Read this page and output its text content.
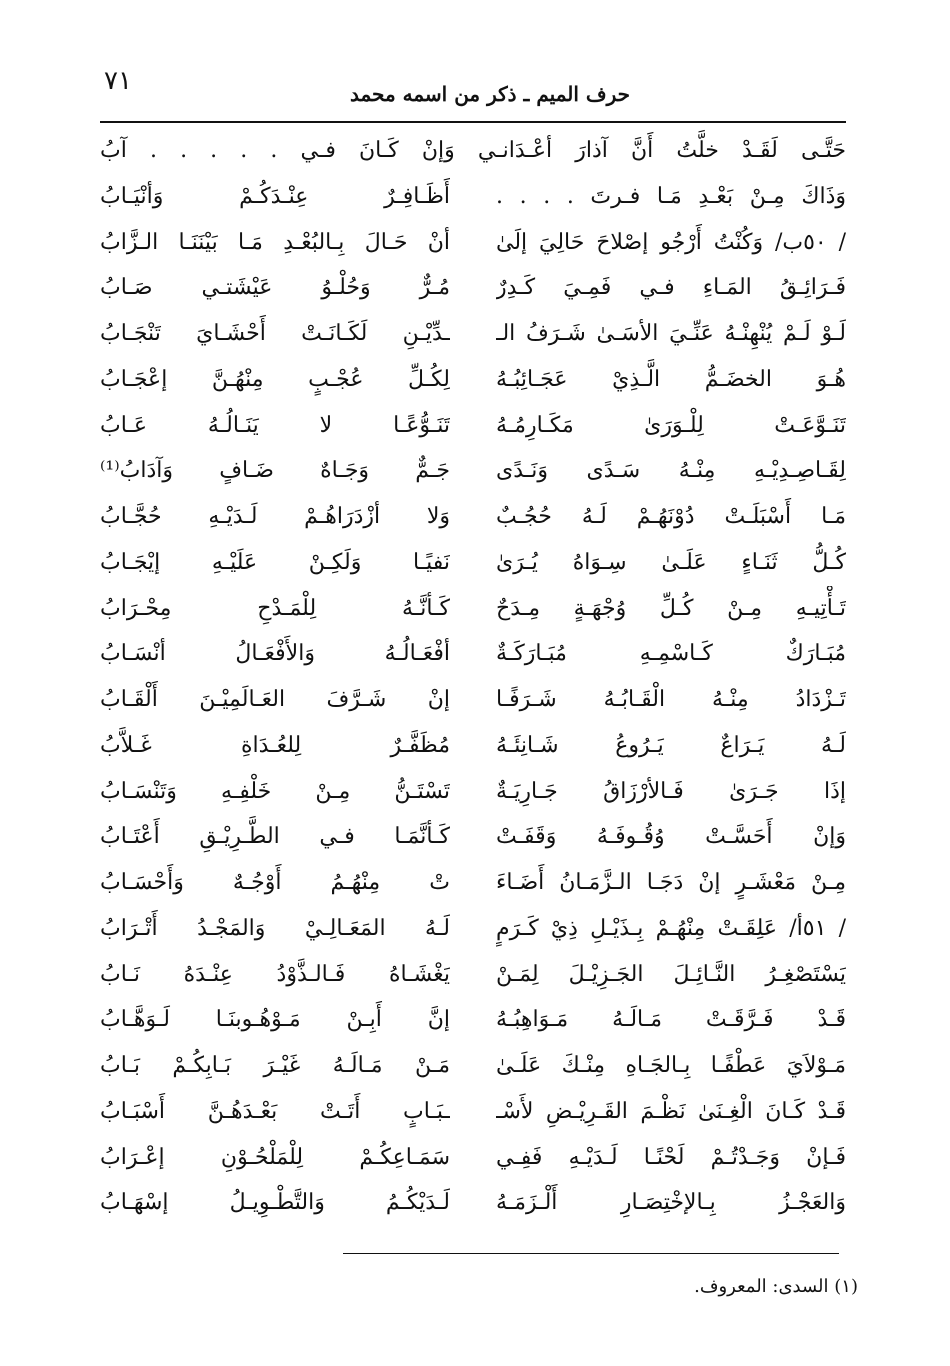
٧١	حرف الميم ـ ذكر من اسمه محمد
حَتَّـى لَقَـدْ خلَّتُ أَنَّ آذارَ أعْـدَانـي وَإنْ كَـانَ فـي . . . . . آبُ
وَذَاكَ مِـنْ بَعْـدِ مَـا فـرتَ . . . .
أَظَـافِـرٌ عِنْـدَكُـمْ وَأنْيَـابُ
/ ٥٠ب/ وَكُنْتُ أَرْجُو إصْلاحَ حَالِيَ إلَىٰ
أنْ حَـالَ بِـالبُعْـدِ مَـا بَيْنَنَـا الـزَّابُ
فَـرَائِـقُ المَـاءِ فـي فَمِـيَ كَـدِرٌ
مُـرٌّ وَحُلْـوُ عَيْشَتـي صَـابُ
لَـوْ لَـمْ يُنْهِنْـهُ عَنِّـيَ الأسَـىٰ شَـرَفُ الـ
ـدِّيْـنِ لَكَـانَـتْ أَحْشَـايَ تَنْجَـابُ
هُـوَ الخضَـمُّ الَّـذِيْ عَجَـائِبُـهُ
لِكُـلِّ عُجْـبٍ مِنْهُـنَّ إعْجَـابُ
تَنَـوَّعَـتْ لِلْـوَرَىٰ مَكَـارِمُـهُ
تَنَـوُّعًـا لا يَنَـالُـهُ عَـابُ
لِقَـاصِـدِيْـهِ مِنْـهُ سَـدًى وَنَـدًى
جَـمٌّ وَجَـاهٌ ضَـافٍ وَآدَابُ⁽¹⁾
مَـا أَسْبَلَـتْ دُوْنَهُـمْ لَـهُ حُجُـبٌ
وَلا أزْدَرَاهُـمْ لَـدَيْـهِ حُجَّـابُ
كُـلُّ ثَنَـاءٍ عَلَـىٰ سِـوَاهُ يُـرَىٰ
نَفيًـا وَلَكِـنْ عَلَيْـهِ إيْجَـابُ
تَـأْتِيـهِ مِـنْ كُـلِّ وُجْهَـةٍ مِـدَحٌ
كَـأنَّـهُ لِلْمَـدْحِ مِحْـرَابُ
مُبَـارَكٌ كَـاسْمِـهِ مُبَـارَكَـةٌ
أفْعَـالُـهُ وَالأَفْعَـالُ أنْسَـابُ
تَـزْدَادُ مِنْـهُ الْقَـابُـهُ شَـرَفًـا
إنْ شَـرَّفَ العَـالَمِيْـنَ أَلْقَـابُ
لَـهُ يَـرَاعٌ يَـرُوعُ شَـانِئَـهُ
مُظَفَّـرٌ لِلعُـدَاةِ غَـلاَّبُ
إذَا جَـرَىٰ فَـالأرْزَاقُ جَـارِيَـةٌ
تَسْتَـنُّ مِـنْ خَلْفِـهِ وَتَنْسَـابُ
وَإنْ أَحَسَّـتْ وُقُـوفَـهُ وَقَفَـتْ
كَـأنَّمَـا فـي الطَّـرِيْـقِ أَعْتَـابُ
مِـنْ مَعْشَـرٍ إنْ دَجَـا الـزَّمَـانُ أَضَـاءَ
تْ مِنْهُـمُ أَوْجُـهٌ وَأَحْسَـابُ
/ ٥١أ/ عَلِقَـتْ مِنْهُـمْ بِـذَيْـلِ ذِيْ كَـرَمٍ
لَـهُ المَعَـالِـيْ وَالمَجْـدُ أَتْـرَابُ
يَسْتَصْغِـرُ النَّـائِـلَ الجَـزِيْـلَ لِمَـنْ
يَغْشَـاهُ فَـالـذَّوْدُ عِنْـدَهُ نَـابُ
قَـدْ فَـرَّقَـتْ مَـالَـهُ مَـوَاهِبُـهُ
إنَّ أَبِـنْ مَـوْهُـوبنَـا لَـوَهَّـابُ
مَـوْلاَيَ عَطْفًـا بِـالجَـاهِ مِنْـكَ عَلَـىٰ
مَـنْ مَـالَـهُ غَيْـرَ بَـابِكُـمْ بَـابُ
قَـدْ كَـانَ الْغِـنَىٰ نَظْـمَ القَـرِيْـضِ لأَسْـ
ـبَـابٍ أَتَـتْ بَعْـدَهُـنَّ أَسْبَـابُ
فَـإنْ وَجَـدْتُـمْ لَحْنًـا لَـدَيْـهِ فَفِـي
سَمَـاعِكُـمْ لِلْمَلْحُـوْنِ إعْـرَابُ
وَالعَجْـزُ بِـالإخْتِصَـارِ أَلْـزَمَـهُ
لَـدَيْكُـمُ وَالتَّطْـوِيـلُ إسْهَـابُ
(١) السدى: المعروف.
